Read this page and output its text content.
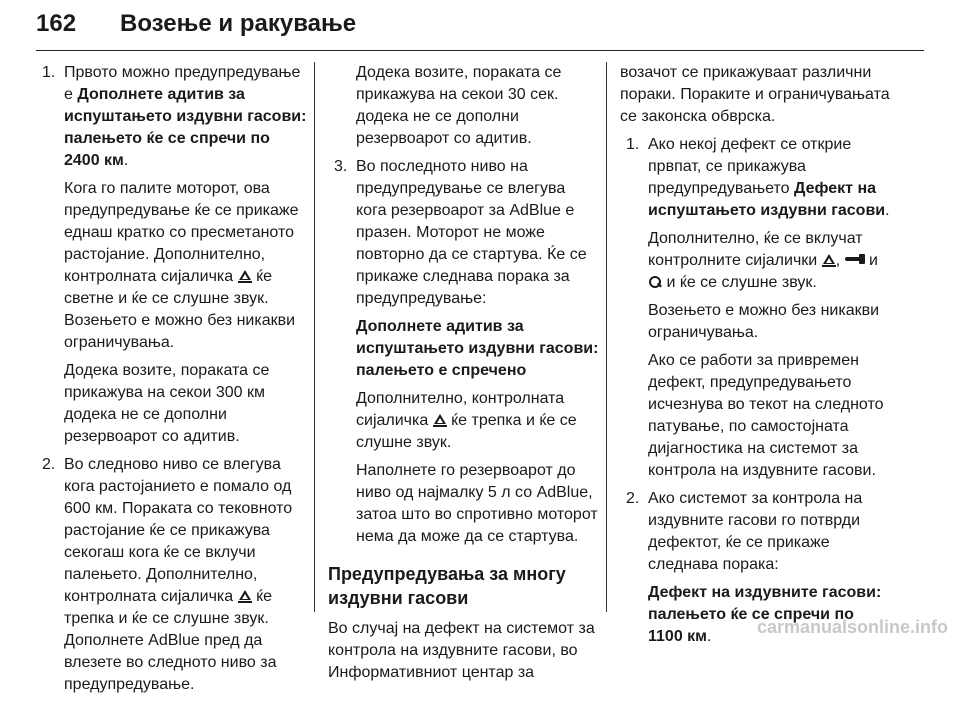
162 Возење и ракување

1. Првото можно предупредување е Дополнете адитив за испуштањето издувни гасови: палењето ќе се спречи по 2400 км.

Кога го палите моторот, ова предупредување ќе се прикаже еднаш кратко со пресметаното растојание. Дополнително, контролната сијаличка ќе светне и ќе се слушне звук. Возењето е можно без никакви ограничувања.

Додека возите, пораката се прикажува на секои 300 км додека не се дополни резервоарот со адитив.

2. Во следново ниво се влегува кога растојанието е помало од 600 км. Пораката со тековното растојание ќе се прикажува секогаш кога ќе се вклучи палењето. Дополнително, контролната сијаличка ќе трепка и ќе се слушне звук. Дополнете AdBlue пред да влезете во следното ниво за предупредување.

Додека возите, пораката се прикажува на секои 30 сек. додека не се дополни резервоарот со адитив.

3. Во последното ниво на предупредување се влегува кога резервоарот за AdBlue е празен. Моторот не може повторно да се стартува. Ќе се прикаже следнава порака за предупредување:

Дополнете адитив за испуштањето издувни гасови: палењето е спречено

Дополнително, контролната сијаличка ќе трепка и ќе се слушне звук.

Наполнете го резервоарот до ниво од најмалку 5 л со AdBlue, затоа што во спротивно моторот нема да може да се стартува.

Предупредувања за многу издувни гасови

Во случај на дефект на системот за контрола на издувните гасови, во Информативниот центар за

возачот се прикажуваат различни пораки. Пораките и ограничувањата се законска обврска.

1. Ако некој дефект се открие првпат, се прикажува предупредувањето Дефект на испуштањето издувни гасови.

Дополнително, ќе се вклучат контролните сијалички , и
и ќе се слушне звук.

Возењето е можно без никакви ограничувања.

Ако се работи за привремен дефект, предупредувањето исчезнува во текот на следното патување, по самостојната дијагностика на системот за контрола на издувните гасови.

2. Ако системот за контрола на издувните гасови го потврди дефектот, ќе се прикаже следнава порака:

Дефект на издувните гасови: палењето ќе се спречи по 1100 км.	carmanualsonline.info
